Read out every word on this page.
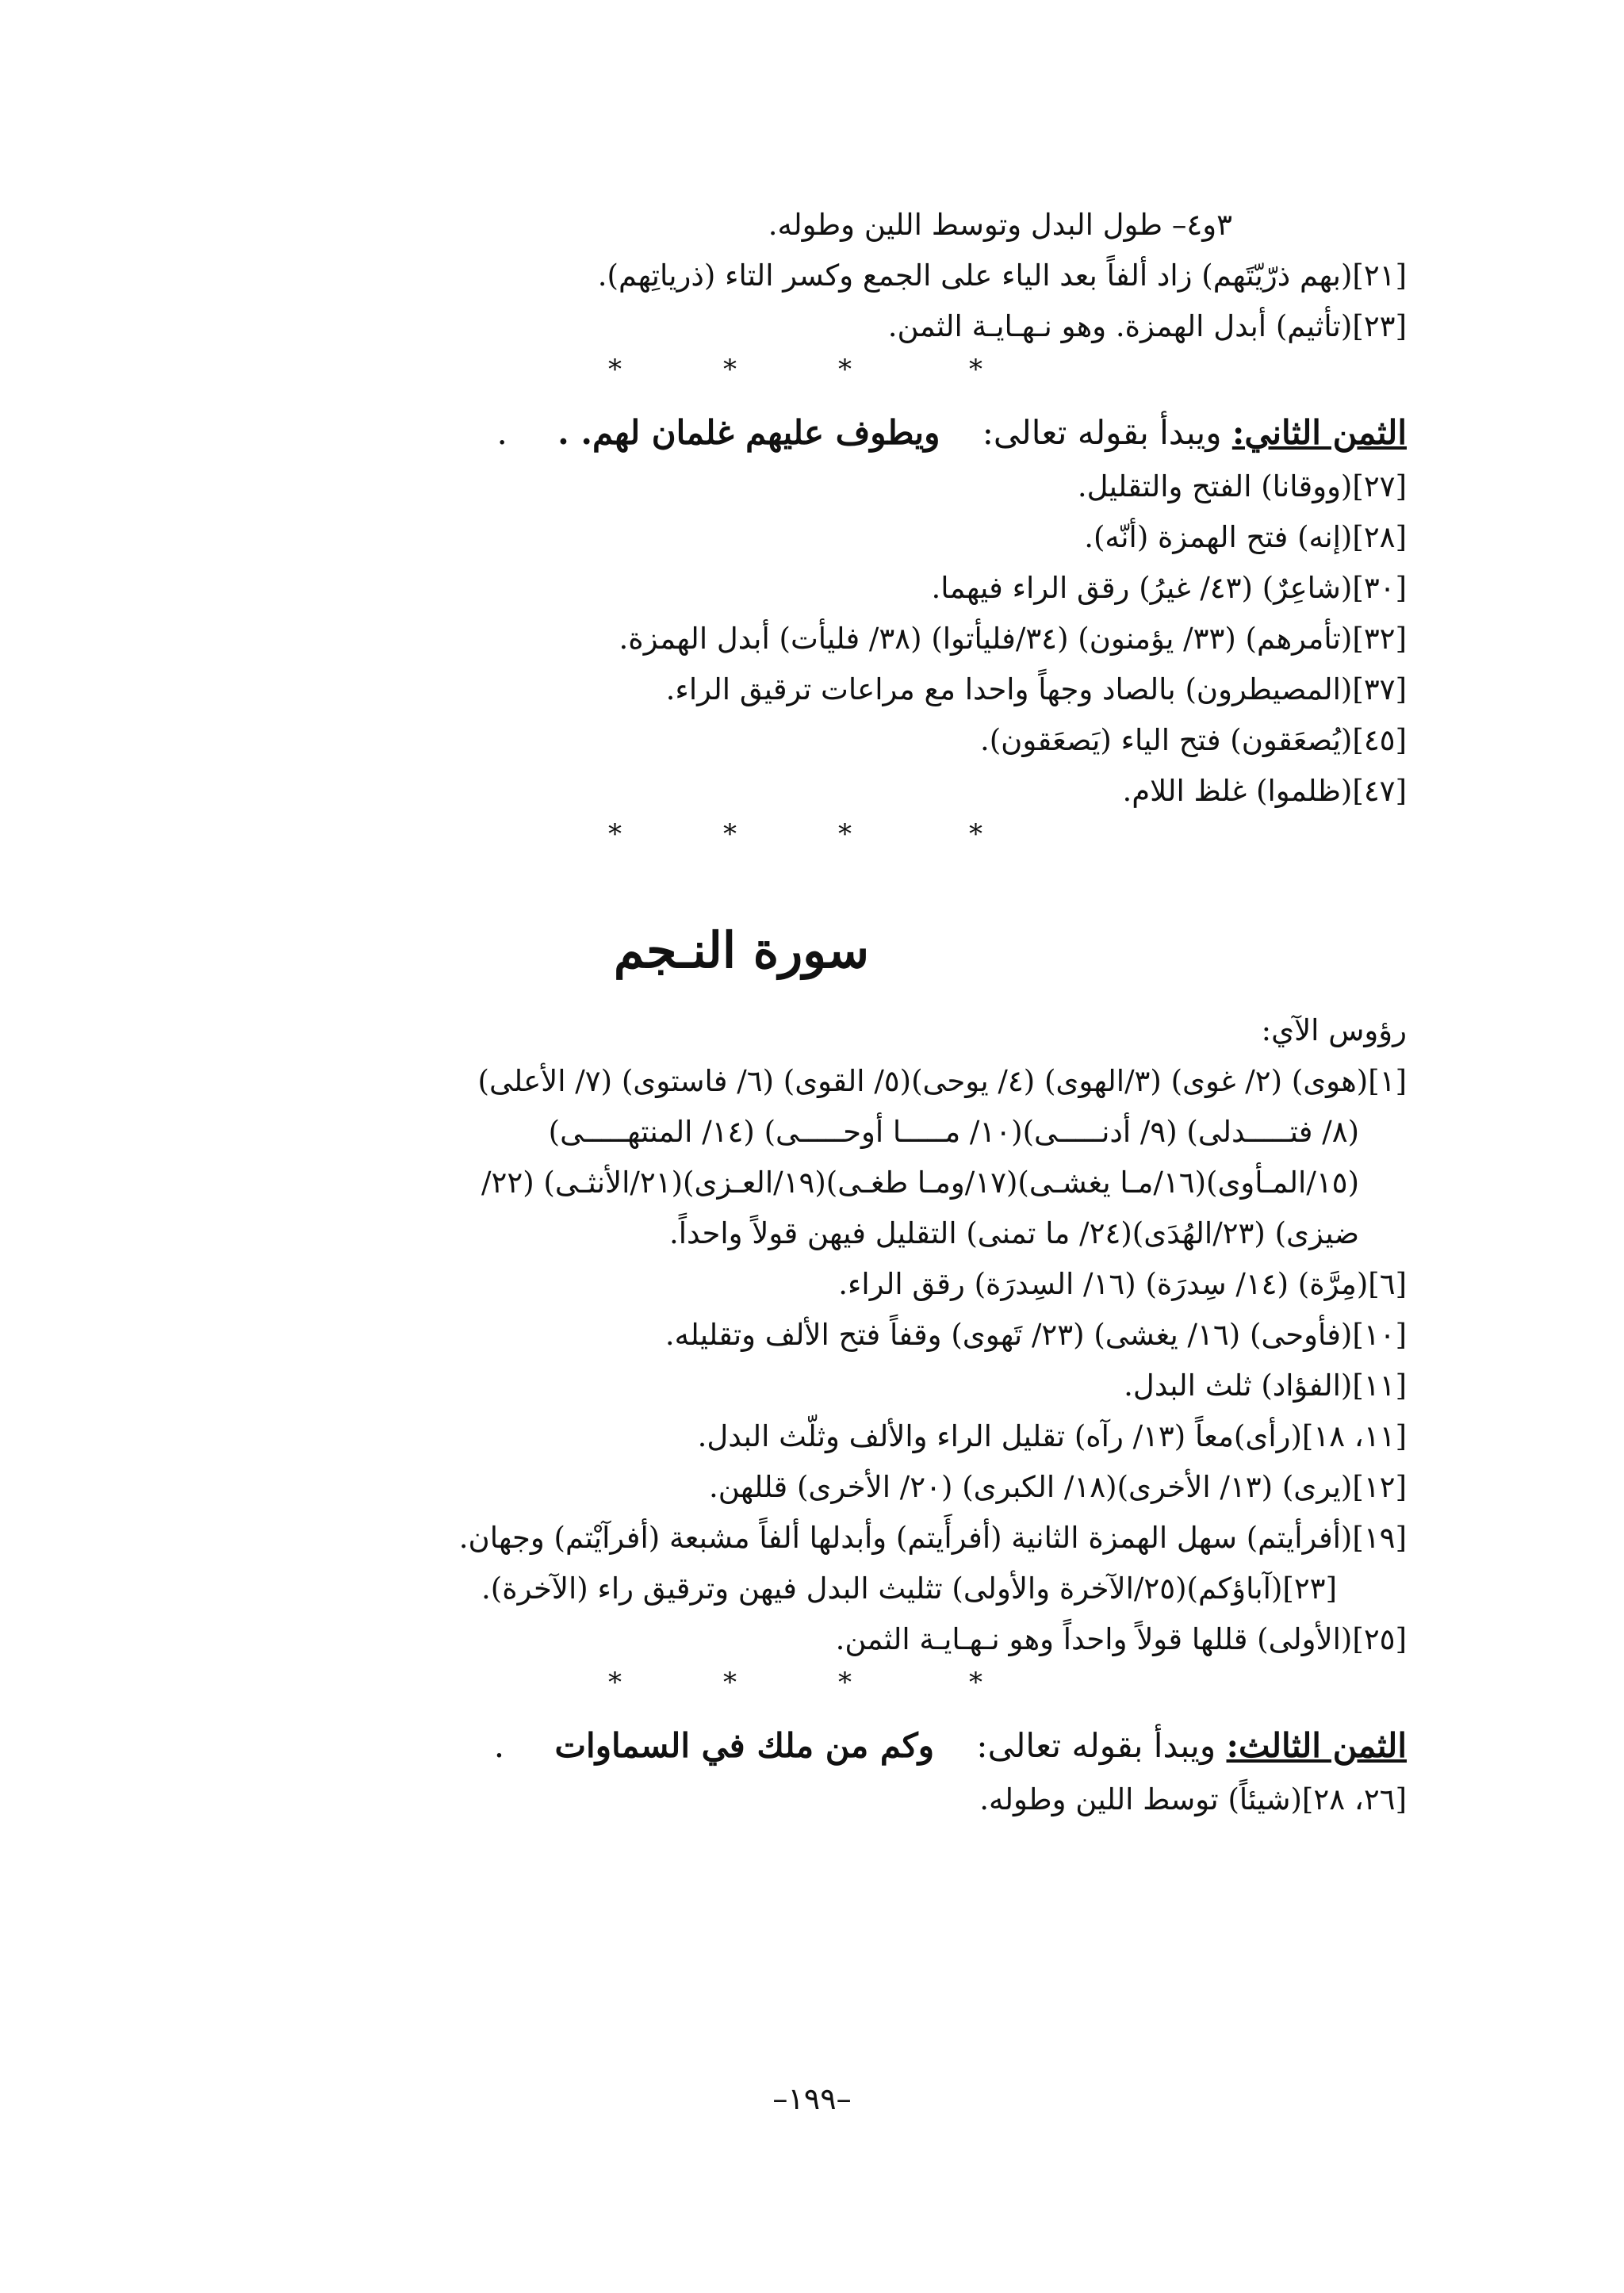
٣و٤– طول البدل وتوسط اللين وطوله.
[٢١](بهم ذرّيّتَهم) زاد ألفاً بعد الياء على الجمع وكسر التاء (ذرياتِهم).
[٢٣](تأثيم) أبدل الهمزة. وهو نـهـايـة الثمن.
*	*	*	*
الثمن الثاني: ويبدأ بقوله تعالى: ويطوف عليهم غلمان لهم. . .
[٢٧](ووقانا) الفتح والتقليل.
[٢٨](إنه) فتح الهمزة (أنّه).
[٣٠](شاعِرٌ) (٤٣/ غيرُ) رقق الراء فيهما.
[٣٢](تأمرهم) (٣٣/ يؤمنون) (٣٤/فليأتوا) (٣٨/ فليأت) أبدل الهمزة.
[٣٧](المصيطرون) بالصاد وجهاً واحدا مع مراعات ترقيق الراء.
[٤٥](يُصعَقون) فتح الياء (يَصعَقون).
[٤٧](ظلموا) غلظ اللام.
*	*	*	*
سورة النـجم
رؤوس الآي:
[١](هوى) (٢/ غوى) (٣/الهوى) (٤/ يوحى)(٥/ القوى) (٦/ فاستوى) (٧/ الأعلى)
(٨/ فتـــــدلى) (٩/ أدنـــــى)(١٠/ مـــــا أوحـــــى) (١٤/ المنتهـــــى)
(١٥/المـأوى)(١٦/مـا يغشـى)(١٧/ومـا طغـى)(١٩/العـزى)(٢١/الأنثـى) (٢٢/
ضيزى) (٢٣/الهُدَى)(٢٤/ ما تمنى) التقليل فيهن قولاً واحداً.
[٦](مِرَّة) (١٤/ سِدرَة) (١٦/ السِدرَة) رقق الراء.
[١٠](فأوحى) (١٦/ يغشى) (٢٣/ تَهوى) وقفاً فتح الألف وتقليله.
[١١](الفؤاد) ثلث البدل.
[١١، ١٨](رأى)معاً (١٣/ رآه) تقليل الراء والألف وثلّث البدل.
[١٢](يرى) (١٣/ الأخرى)(١٨/ الكبرى) (٢٠/ الأخرى) قللهن.
[١٩](أفرأيتم) سهل الهمزة الثانية (أفرأَيتم) وأبدلها ألفاً مشبعة (أفرآيْتم) وجهان.
[٢٣](آباؤكم)(٢٥/الآخرة والأولى) تثليث البدل فيهن وترقيق راء (الآخرة).
[٢٥](الأولى) قللها قولاً واحداً وهو نـهـايـة الثمن.
*	*	*	*
الثمن الثالث: ويبدأ بقوله تعالى: وكم من ملك في السماوات .
[٢٦، ٢٨](شيئاً) توسط اللين وطوله.
–١٩٩–
